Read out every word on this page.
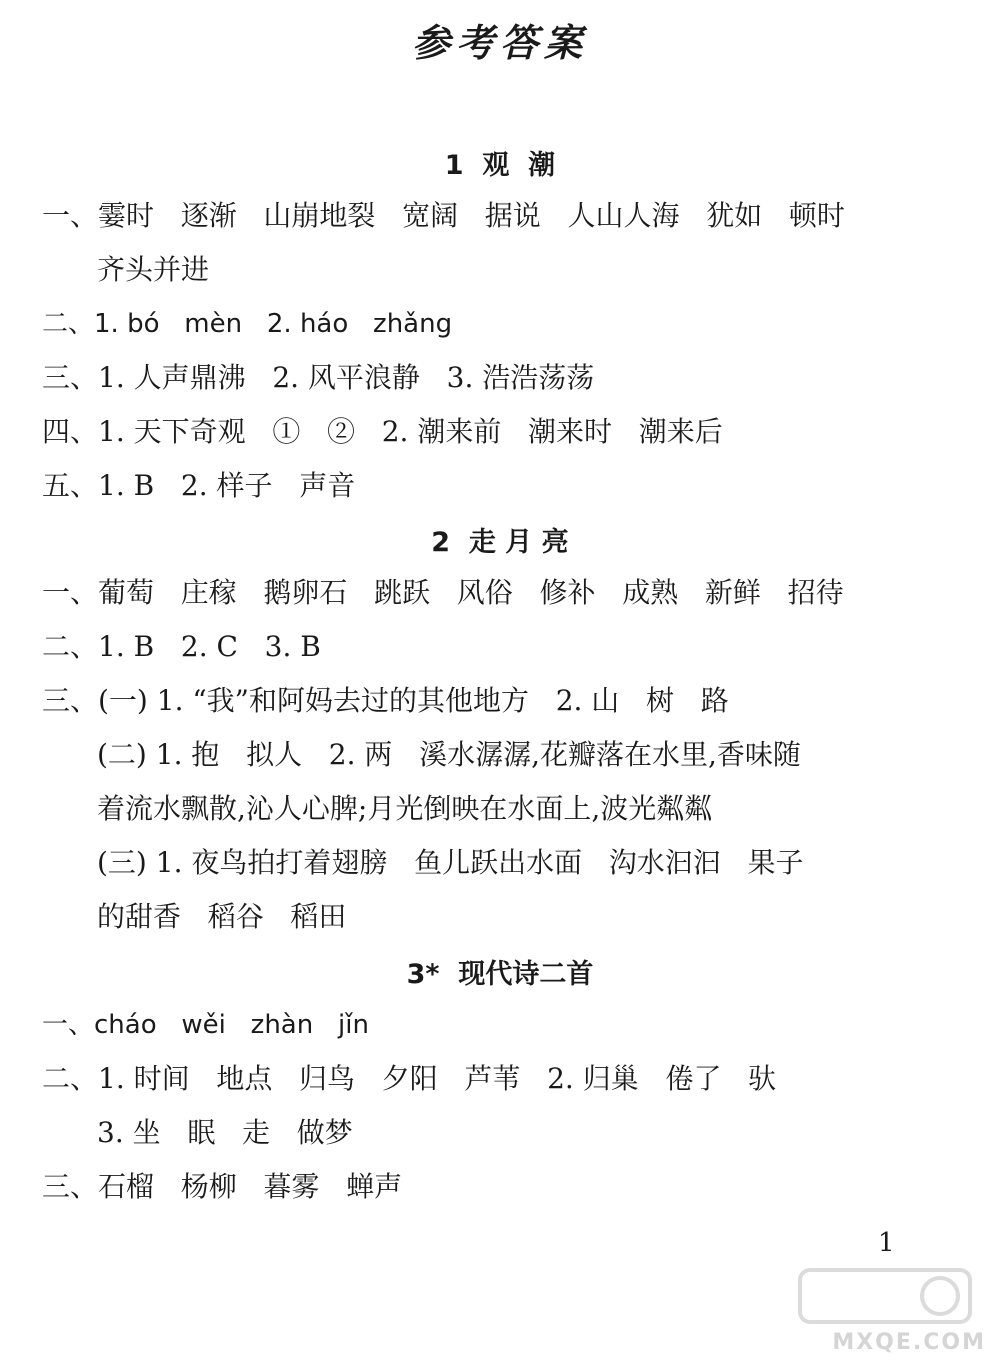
参考答案
1  观  潮
一、霎时   逐渐   山崩地裂   宽阔   据说   人山人海   犹如   顿时
齐头并进
二、1. bó   mèn   2. háo   zhǎng
三、1. 人声鼎沸   2. 风平浪静   3. 浩浩荡荡
四、1. 天下奇观   ①   ②   2. 潮来前   潮来时   潮来后
五、1. B   2. 样子   声音
2  走 月 亮
一、葡萄   庄稼   鹅卵石   跳跃   风俗   修补   成熟   新鲜   招待
二、1. B   2. C   3. B
三、(一) 1. “我”和阿妈去过的其他地方   2. 山   树   路
(二) 1. 抱   拟人   2. 两   溪水潺潺,花瓣落在水里,香味随
着流水飘散,沁人心脾;月光倒映在水面上,波光粼粼
(三) 1. 夜鸟拍打着翅膀   鱼儿跃出水面   沟水汩汩   果子
的甜香   稻谷   稻田
3*  现代诗二首
一、cháo   wěi   zhàn   jǐn
二、1. 时间   地点   归鸟   夕阳   芦苇   2. 归巢   倦了   驮
3. 坐   眠   走   做梦
三、石榴   杨柳   暮雾   蝉声
1
MXQE.COM
